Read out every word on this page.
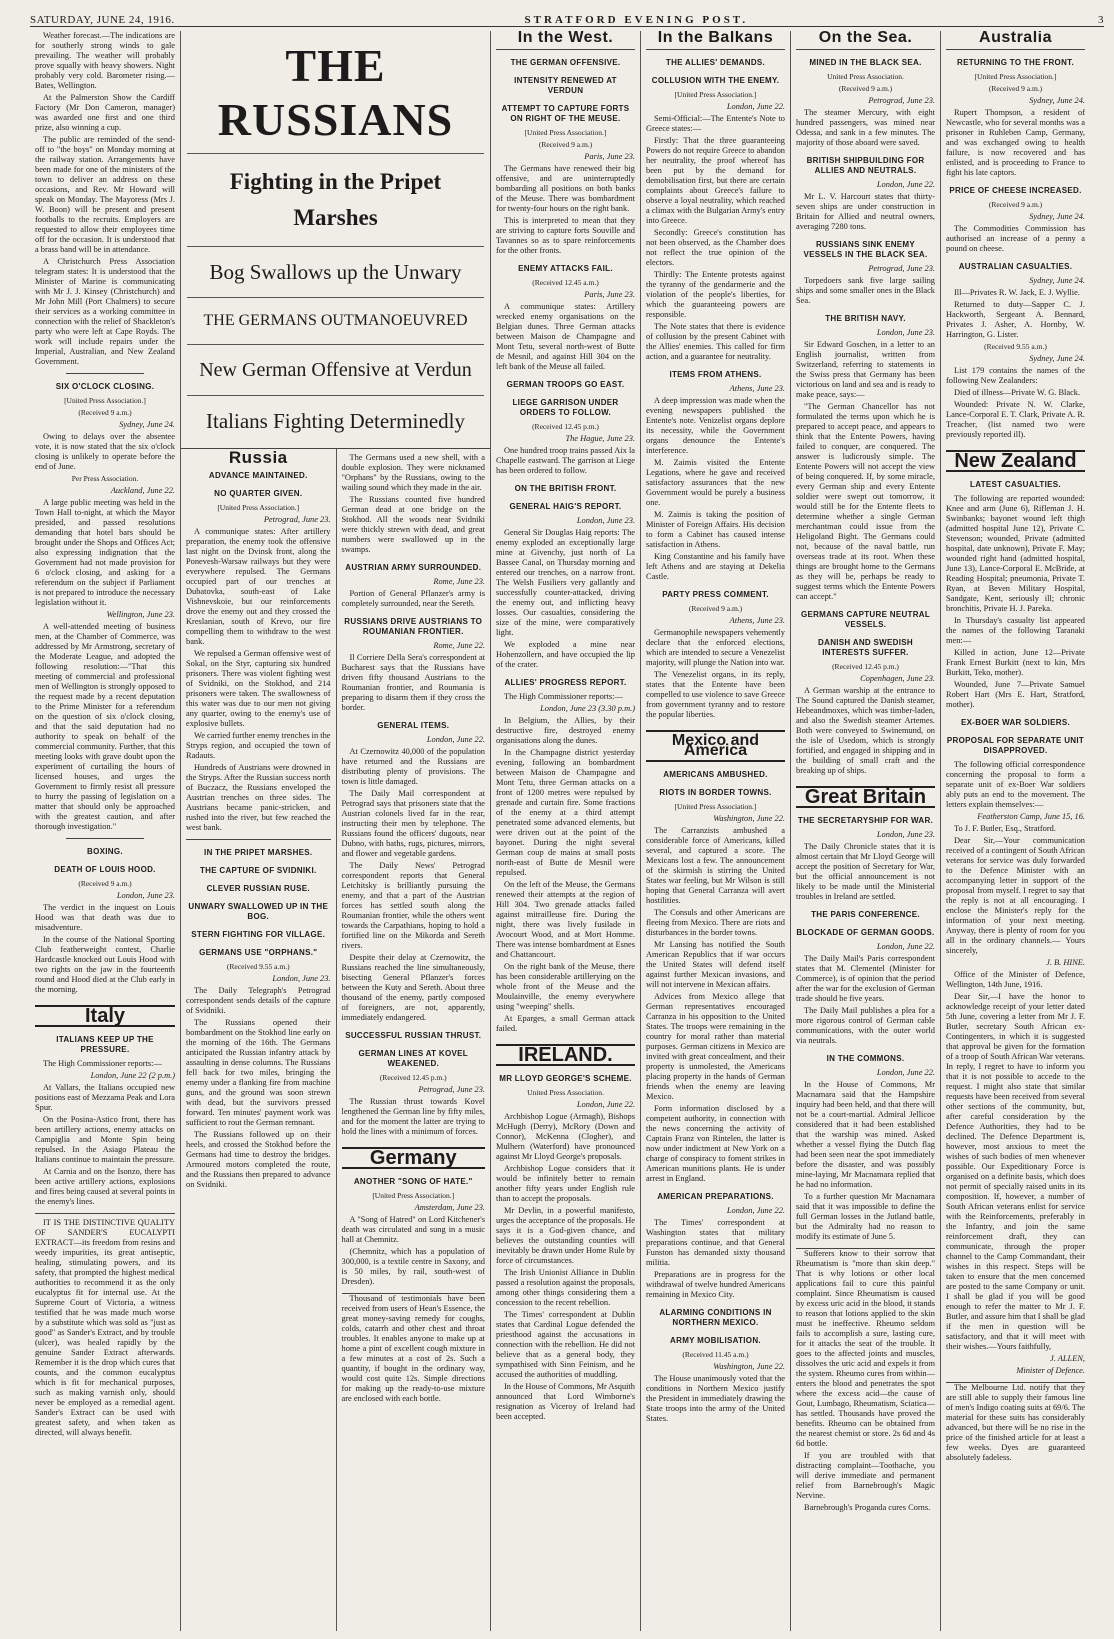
SATURDAY, JUNE 24, 1916.	STRATFORD EVENING POST.	3
Weather forecast.—The indications are for southerly strong winds to gale prevailing. The weather will probably prove squally with heavy showers. Night probably very cold. Barometer rising.—Bates, Wellington.
At the Palmerston Show the Cardiff Factory (Mr Don Cameron, manager) was awarded one first and one third prize, also winning a cup.
The public are reminded of the send-off to "the boys" on Monday morning at the railway station. Arrangements have been made for one of the ministers of the town to deliver an address on these occasions, and Rev. Mr Howard will speak on Monday. The Mayoress (Mrs J. W. Boon) will be present and present footballs to the recruits. Employers are requested to allow their employees time off for the occasion. It is understood that a brass band will be in attendance.
A Christchurch Press Association telegram states: It is understood that the Minister of Marine is communicating with Mr J. J. Kinsey (Christchurch) and Mr John Mill (Port Chalmers) to secure their services as a working committee in connection with the relief of Shackleton's party who were left at Cape Royds. The work will include repairs under the Imperial, Australian, and New Zealand Government.
SIX O'CLOCK CLOSING.
[United Press Association.]
(Received 9 a.m.)
Sydney, June 24.
Owing to delays over the absentee vote, it is now stated that the six o'clock closing is unlikely to operate before the end of June.
Per Press Association.
Auckland, June 22.
A large public meeting was held in the Town Hall to-night, at which the Mayor presided, and passed resolutions demanding that hotel bars should be brought under the Shops and Offices Act; also expressing indignation that the Government had not made provision for 6 o'clock closing, and asking for a referendum on the subject if Parliament is not prepared to introduce the necessary legislation without it.
Wellington, June 23.
A well-attended meeting of business men, at the Chamber of Commerce, was addressed by Mr Armstrong, secretary of the Moderate League, and adopted the following resolution:—"That this meeting of commercial and professional men of Wellington is strongly opposed to the request made by a recent deputation to the Prime Minister for a referendum on the question of six o'clock closing, and that the said deputation had no authority to speak on behalf of the commercial community. Further, that this meeting looks with grave doubt upon the experiment of curtailing the hours of licensed houses, and urges the Government to firmly resist all pressure to hurry the passing of legislation on a matter that should only be approached with the greatest caution, and after thorough investigation."
BOXING.
DEATH OF LOUIS HOOD.
(Received 9 a.m.)
London, June 23.
The verdict in the inquest on Louis Hood was that death was due to misadventure.
In the course of the National Sporting Club featherweight contest, Charlie Hardcastle knocked out Louis Hood with two rights on the jaw in the fourteenth round and Hood died at the Club early in the morning.
Italy
ITALIANS KEEP UP THE PRESSURE.
The High Commissioner reports:—
London, June 22 (2 p.m.)
At Vallars, the Italians occupied new positions east of Mezzama Peak and Lora Spur.
On the Posina-Astico front, there has been artillery actions, enemy attacks on Campiglia and Monte Spin being repulsed. In the Asiago Plateau the Italians continue to maintain the pressure.
At Carnia and on the Isonzo, there has been active artillery actions, explosions and fires being caused at several points in the enemy's lines.
IT IS THE DISTINCTIVE QUALITY OF SANDER'S EUCALYPTI EXTRACT—its freedom from resins and weedy impurities, its great antiseptic, healing, stimulating powers, and its safety, that prompted the highest medical authorities to recommend it as the only eucalyptus fit for internal use. At the Supreme Court of Victoria, a witness testified that he was made much worse by a substitute which was sold as "just as good" as Sander's Extract, and by trouble (ulcer), was healed rapidly by the genuine Sander Extract afterwards. Remember it is the drop which cures that counts, and the common eucalyptus which is fit for mechanical purposes, such as making varnish only, should never be employed as a remedial agent. Sander's Extract can be used with greatest safety, and when taken as directed, will always benefit.
THE RUSSIANS
Fighting in the Pripet Marshes
Bog Swallows up the Unwary
THE GERMANS OUTMANOEUVRED
New German Offensive at Verdun
Italians Fighting Determinedly
Russia
ADVANCE MAINTAINED.
NO QUARTER GIVEN.
[United Press Association.]
Petrograd, June 23.
A communique states: After artillery preparation, the enemy took the offensive last night on the Dvinsk front, along the Ponevesh-Warsaw railways but they were everywhere repulsed. The Germans occupied part of our trenches at Dubatovka, south-east of Lake Vishnevskoie, but our reinforcements drove the enemy out and they crossed the Kreslanian, south of Krevo, our fire compelling them to withdraw to the west bank.
We repulsed a German offensive west of Sokal, on the Styr, capturing six hundred prisoners. There was violent fighting west of Svidniki, on the Stokhod, and 214 prisoners were taken. The swallowness of this water was due to our men not giving any quarter, owing to the enemy's use of explosive bullets.
We carried further enemy trenches in the Stryps region, and occupied the town of Radauts.
Hundreds of Austrians were drowned in the Stryps. After the Russian success north of Buczacz, the Russians enveloped the Austrian trenches on three sides. The Austrians became panic-stricken, and rushed into the river, but few reached the west bank.
IN THE PRIPET MARSHES.
THE CAPTURE OF SVIDNIKI.
CLEVER RUSSIAN RUSE.
UNWARY SWALLOWED UP IN THE BOG.
STERN FIGHTING FOR VILLAGE.
GERMANS USE "ORPHANS."
(Received 9.55 a.m.)
London, June 23.
The Daily Telegraph's Petrograd correspondent sends details of the capture of Svidniki.
The Russians opened their bombardment on the Stokhod line early on the morning of the 16th. The Germans anticipated the Russian infantry attack by assaulting in dense columns. The Russians fell back for two miles, bringing the enemy under a flanking fire from machine guns, and the ground was soon strewn with dead, but the survivors pressed forward. Ten minutes' payment work was sufficient to rout the German remnant.
The Russians followed up on their heels, and crossed the Stokhod before the Germans had time to destroy the bridges. Armoured motors completed the route, and the Russians then prepared to advance on Svidniki.
The Germans used a new shell, with a double explosion. They were nicknamed "Orphans" by the Russians, owing to the wailing sound which they made in the air.
The Russians counted five hundred German dead at one bridge on the Stokhod. All the woods near Svidniki were thickly strewn with dead, and great numbers were swallowed up in the swamps.
AUSTRIAN ARMY SURROUNDED.
Rome, June 23.
Portion of General Pflanzer's army is completely surrounded, near the Sereth.
RUSSIANS DRIVE AUSTRIANS TO ROUMANIAN FRONTIER.
Rome, June 22.
Il Corriere Della Sera's correspondent at Bucharest says that the Russians have driven fifty thousand Austrians to the Roumanian frontier, and Roumania is preparing to disarm them if they cross the border.
GENERAL ITEMS.
London, June 22.
At Czernowitz 40,000 of the population have returned and the Russians are distributing plenty of provisions. The town is little damaged.
The Daily Mail correspondent at Petrograd says that prisoners state that the Austrian colonels lived far in the rear, instructing their men by telephone. The Russians found the officers' dugouts, near Dubno, with baths, rugs, pictures, mirrors, and flower and vegetable gardens.
The Daily News' Petrograd correspondent reports that General Letchitsky is brilliantly pursuing the enemy, and that a part of the Austrian forces has settled south along the Roumanian frontier, while the others went towards the Carpathians, hoping to hold a fortified line on the Mikorda and Sereth rivers.
Despite their delay at Czernowitz, the Russians reached the line simultaneously, bisecting General Pflanzer's forces between the Kuty and Sereth. About three thousand of the enemy, partly composed of foreigners, are not, apparently, immediately endangered.
SUCCESSFUL RUSSIAN THRUST.
GERMAN LINES AT KOVEL WEAKENED.
(Received 12.45 p.m.)
Petrograd, June 23.
The Russian thrust towards Kovel lengthened the German line by fifty miles, and for the moment the latter are trying to hold the lines with a minimum of forces.
Germany
ANOTHER "SONG OF HATE."
[United Press Association.]
Amsterdam, June 23.
A "Song of Hatred" on Lord Kitchener's death was circulated and sung in a music hall at Chemnitz.
(Chemnitz, which has a population of 300,000, is a textile centre in Saxony, and is 50 miles, by rail, south-west of Dresden).
Thousand of testimonials have been received from users of Hean's Essence, the great money-saving remedy for coughs, colds, catarrh and other chest and throat troubles. It enables anyone to make up at home a pint of excellent cough mixture in a few minutes at a cost of 2s. Such a quantity, if bought in the ordinary way, would cost quite 12s. Simple directions for making up the ready-to-use mixture are enclosed with each bottle.
In the West.
THE GERMAN OFFENSIVE.
INTENSITY RENEWED AT VERDUN
ATTEMPT TO CAPTURE FORTS ON RIGHT OF THE MEUSE.
[United Press Association.]
(Received 9 a.m.)
Paris, June 23.
The Germans have renewed their big offensive, and are uninterruptedly bombarding all positions on both banks of the Meuse. There was bombardment for twenty-four hours on the right bank.
This is interpreted to mean that they are striving to capture forts Souville and Tavannes so as to spare reinforcements for the other fronts.
ENEMY ATTACKS FAIL.
(Received 12.45 a.m.)
Paris, June 23.
A communique states: Artillery wrecked enemy organisations on the Belgian dunes. Three German attacks between Maison de Champagne and Mont Tetu, several north-west of Butte de Mesnil, and against Hill 304 on the left bank of the Meuse all failed.
GERMAN TROOPS GO EAST.
LIEGE GARRISON UNDER ORDERS TO FOLLOW.
(Received 12.45 p.m.)
The Hague, June 23.
One hundred troop trains passed Aix la Chapelle eastward. The garrison at Liege has been ordered to follow.
ON THE BRITISH FRONT.
GENERAL HAIG'S REPORT.
London, June 23.
General Sir Douglas Haig reports: The enemy exploded an exceptionally large mine at Givenchy, just north of La Bassee Canal, on Thursday morning and entered our trenches, on a narrow front. The Welsh Fusiliers very gallantly and successfully counter-attacked, driving the enemy out, and inflicting heavy losses. Our casualties, considering the size of the mine, were comparatively light.
We exploded a mine near Hohenzollern, and have occupied the lip of the crater.
ALLIES' PROGRESS REPORT.
The High Commissioner reports:—
London, June 23 (3.30 p.m.)
In Belgium, the Allies, by their destructive fire, destroyed enemy organisations along the dunes.
In the Champagne district yesterday evening, following an bombardment between Maison de Champagne and Mont Tetu, three German attacks on a front of 1200 metres were repulsed by grenade and curtain fire. Some fractions of the enemy at a third attempt penetrated some advanced elements, but were driven out at the point of the bayonet. During the night several German coup de mains at small posts north-east of Butte de Mesnil were repulsed.
On the left of the Meuse, the Germans renewed their attempts at the region of Hill 304. Two grenade attacks failed against mitrailleuse fire. During the night, there was lively fusilade in Avocourt Wood, and at Mort Homme. There was intense bombardment at Esnes and Chattancourt.
On the right bank of the Meuse, there has been considerable artillerying on the whole front of the Meuse and the Moulainville, the enemy everywhere using "weeping" shells.
At Eparges, a small German attack failed.
IRELAND.
MR LLOYD GEORGE'S SCHEME.
United Press Association.
London, June 22.
Archbishop Logue (Armagh), Bishops McHugh (Derry), McRory (Down and Connor), McKenna (Clogher), and Mulhern (Waterford) have pronounced against Mr Lloyd George's proposals.
Archbishop Logue considers that it would be infinitely better to remain another fifty years under English rule than to accept the proposals.
Mr Devlin, in a powerful manifesto, urges the acceptance of the proposals. He says it is a God-given chance, and believes the outstanding counties will inevitably be drawn under Home Rule by force of circumstances.
The Irish Unionist Alliance in Dublin passed a resolution against the proposals, among other things considering them a concession to the recent rebellion.
The Times' correspondent at Dublin states that Cardinal Logue defended the priesthood against the accusations in connection with the rebellion. He did not believe that as a general body, they sympathised with Sinn Feinism, and he accused the authorities of muddling.
In the House of Commons, Mr Asquith announced that Lord Wimborne's resignation as Viceroy of Ireland had been accepted.
In the Balkans
THE ALLIES' DEMANDS.
COLLUSION WITH THE ENEMY.
[United Press Association.]
London, June 22.
Semi-Official:—The Entente's Note to Greece states:—
Firstly: That the three guaranteeing Powers do not require Greece to abandon her neutrality, the proof whereof has been put by the demand for demobilisation first, but there are certain complaints about Greece's failure to observe a loyal neutrality, which reached a climax with the Bulgarian Army's entry into Greece.
Secondly: Greece's constitution has not been observed, as the Chamber does not reflect the true opinion of the electors.
Thirdly: The Entente protests against the tyranny of the gendarmerie and the violation of the people's liberties, for which the guaranteeing powers are responsible.
The Note states that there is evidence of collusion by the present Cabinet with the Allies' enemies. This called for firm action, and a guarantee for neutrality.
ITEMS FROM ATHENS.
Athens, June 23.
A deep impression was made when the evening newspapers published the Entente's note. Venizelist organs deplore its necessity, while the Government organs denounce the Entente's interference.
M. Zaimis visited the Entente Legations, where he gave and received satisfactory assurances that the new Government would be purely a business one.
M. Zaimis is taking the position of Minister of Foreign Affairs. His decision to form a Cabinet has caused intense satisfaction in Athens.
King Constantine and his family have left Athens and are staying at Dekelia Castle.
PARTY PRESS COMMENT.
(Received 9 a.m.)
Athens, June 23.
Germanophile newspapers vehemently declare that the enforced elections, which are intended to secure a Venezelist majority, will plunge the Nation into war.
The Venezelist organs, in its reply, states that the Entente have been compelled to use violence to save Greece from government tyranny and to restore the popular liberties.
Mexico and America
AMERICANS AMBUSHED.
RIOTS IN BORDER TOWNS.
[United Press Association.]
Washington, June 22.
The Carranzists ambushed a considerable force of Americans, killed several, and captured a score. The Mexicans lost a few. The announcement of the skirmish is stirring the United States war feeling, but Mr Wilson is still hoping that General Carranza will avert hostilities.
The Consuls and other Americans are fleeing from Mexico. There are riots and disturbances in the border towns.
Mr Lansing has notified the South American Republics that if war occurs the United States will defend itself against further Mexican invasions, and will not intervene in Mexican affairs.
Advices from Mexico allege that German representatives encouraged Carranza in his opposition to the United States. The troops were remaining in the country for moral rather than material purposes. German citizens in Mexico are invited with great concealment, and their property is unmolested, the Americans placing property in the hands of German friends when the enemy are leaving Mexico.
Form information disclosed by a competent authority, in connection with the news concerning the activity of Captain Franz von Rintelen, the latter is now under indictment at New York on a charge of conspiracy to foment strikes in American munitions plants. He is under arrest in England.
AMERICAN PREPARATIONS.
London, June 22.
The Times' correspondent at Washington states that military preparations continue, and that General Funston has demanded sixty thousand militia.
Preparations are in progress for the withdrawal of twelve hundred Americans remaining in Mexico City.
ALARMING CONDITIONS IN NORTHERN MEXICO.
ARMY MOBILISATION.
(Received 11.45 a.m.)
Washington, June 22.
The House unanimously voted that the conditions in Northern Mexico justify the President in immediately drawing the State troops into the army of the United States.
On the Sea.
MINED IN THE BLACK SEA.
United Press Association.
(Received 9 a.m.)
Petrograd, June 23.
The steamer Mercury, with eight hundred passengers, was mined near Odessa, and sank in a few minutes. The majority of those aboard were saved.
BRITISH SHIPBUILDING FOR ALLIES AND NEUTRALS.
London, June 22.
Mr L. V. Harcourt states that thirty-seven ships are under construction in Britain for Allied and neutral owners, averaging 7280 tons.
RUSSIANS SINK ENEMY VESSELS IN THE BLACK SEA.
Petrograd, June 23.
Torpedoers sank five large sailing ships and some smaller ones in the Black Sea.
THE BRITISH NAVY.
London, June 23.
Sir Edward Goschen, in a letter to an English journalist, written from Switzerland, referring to statements in the Swiss press that Germany has been victorious on land and sea and is ready to make peace, says:—
"The German Chancellor has not formulated the terms upon which he is prepared to accept peace, and appears to think that the Entente Powers, having failed to conquer, are conquered. The answer is ludicrously simple. The Entente Powers will not accept the view of being conquered. If, by some miracle, every German ship and every Entente soldier were swept out tomorrow, it would still be for the Entente fleets to determine whether a single German merchantman could issue from the Heligoland Bight. The Germans could not, because of the naval battle, run overseas trade at its root. When these things are brought home to the Germans as they will be, perhaps be ready to suggest terms which the Entente Powers can accept."
GERMANS CAPTURE NEUTRAL VESSELS.
DANISH AND SWEDISH INTERESTS SUFFER.
(Received 12.45 p.m.)
Copenhagen, June 23.
A German warship at the entrance to The Sound captured the Danish steamer, Hebeandmoxes, which was timber-laden, and also the Swedish steamer Artemes. Both were conveyed to Swinemund, on the isle of Usedom, which is strongly fortified, and engaged in shipping and in the building of small craft and the breaking up of ships.
Great Britain
THE SECRETARYSHIP FOR WAR.
London, June 23.
The Daily Chronicle states that it is almost certain that Mr Lloyd George will accept the position of Secretary for War, but the official announcement is not likely to be made until the Ministerial troubles in Ireland are settled.
THE PARIS CONFERENCE.
BLOCKADE OF GERMAN GOODS.
London, June 22.
The Daily Mail's Paris correspondent states that M. Clementel (Minister for Commerce), is of opinion that the period after the war for the exclusion of German trade should be five years.
The Daily Mail publishes a plea for a more rigorous control of German cable communications, with the outer world via neutrals.
IN THE COMMONS.
London, June 22.
In the House of Commons, Mr Macnamara said that the Hampshire inquiry had been held, and that there will not be a court-martial. Admiral Jellicoe considered that it had been established that the warship was mined. Asked whether a vessel flying the Dutch flag had been seen near the spot immediately before the disaster, and was possibly mine-laying, Mr Macnamara replied that he had no information.
To a further question Mr Macnamara said that it was impossible to define the full German losses in the Jutland battle, but the Admiralty had no reason to modify its estimate of June 5.
Sufferers know to their sorrow that Rheumatism is "more than skin deep." That is why lotions or other local applications fail to cure this painful complaint. Since Rheumatism is caused by excess uric acid in the blood, it stands to reason that lotions applied to the skin must be ineffective. Rheumo seldom fails to accomplish a sure, lasting cure, for it attacks the seat of the trouble. It goes to the affected joints and muscles, dissolves the uric acid and expels it from the system. Rheumo cures from within—enters the blood and penetrates the spot where the excess acid—the cause of Gout, Lumbago, Rheumatism, Sciatica—has settled. Thousands have proved the benefits. Rheumo can be obtained from the nearest chemist or store. 2s 6d and 4s 6d bottle.
If you are troubled with that distracting complaint—Toothache, you will derive immediate and permanent relief from Barnebrough's Magic Nervine.
Barnebrough's Proganda cures Corns.
Australia
RETURNING TO THE FRONT.
[United Press Association.]
(Received 9 a.m.)
Sydney, June 24.
Rupert Thompson, a resident of Newcastle, who for several months was a prisoner in Ruhleben Camp, Germany, and was exchanged owing to health failure, is now recovered and has enlisted, and is proceeding to France to fight his late captors.
PRICE OF CHEESE INCREASED.
(Received 9 a.m.)
Sydney, June 24.
The Commodities Commission has authorised an increase of a penny a pound on cheese.
AUSTRALIAN CASUALTIES.
Sydney, June 24.
Ill—Privates R. W. Jack, E. J. Wyllie.
Returned to duty—Sapper C. J. Hackworth, Sergeant A. Bennard, Privates J. Asher, A. Hornby, W. Harrington, G. Lister.
(Received 9.55 a.m.)
Sydney, June 24.
List 179 contains the names of the following New Zealanders:
Died of illness—Private W. G. Black.
Wounded: Private N. W. Clarke, Lance-Corporal E. T. Clark, Private A. R. Treacher, (list named two were previously reported ill).
New Zealand
LATEST CASUALTIES.
The following are reported wounded: Knee and arm (June 6), Rifleman J. H. Swinbanks; bayonet wound left thigh (admitted hospital June 12), Private C. Stevenson; wounded, Private (admitted hospital, date unknown), Private F. May; wounded right hand (admitted hospital, June 13), Lance-Corporal E. McBride, at Reading Hospital; pneumonia, Private T. Ryan, at Beven Military Hospital, Sandgate, Kent, seriously ill; chronic bronchitis, Private H. J. Pareka.
In Thursday's casualty list appeared the names of the following Taranaki men:—
Killed in action, June 12—Private Frank Ernest Burkitt (next to kin, Mrs Burkitt, Teko, mother).
Wounded, June 7—Private Samuel Robert Hart (Mrs E. Hart, Stratford, mother).
EX-BOER WAR SOLDIERS.
PROPOSAL FOR SEPARATE UNIT DISAPPROVED.
The following official correspondence concerning the proposal to form a separate unit of ex-Boer War soldiers ably puts an end to the movement. The letters explain themselves:—
Featherston Camp, June 15, 16.
To J. F. Butler, Esq., Stratford.
Dear Sir,—Your communication received of a contingent of South African veterans for service was duly forwarded to the Defence Minister with an accompanying letter in support of the proposal from myself. I regret to say that the reply is not at all encouraging. I enclose the Minister's reply for the information of your next meeting. Anyway, there is plenty of room for you all in the ordinary channels.— Yours sincerely,
J. B. HINE.
Office of the Minister of Defence, Wellington, 14th June, 1916.
Dear Sir,—I have the honor to acknowledge receipt of your letter dated 5th June, covering a letter from Mr J. F. Butler, secretary South African ex-Contingenters, in which it is suggested that approval be given for the formation of a troop of South African War veterans. In reply, I regret to have to inform you that it is not possible to accede to the request. I might also state that similar requests have been received from several other sections of the community, but, after careful consideration by the Defence Authorities, they had to be declined. The Defence Department is, however, most anxious to meet the wishes of such bodies of men whenever possible. Our Expeditionary Force is organised on a definite basis, which does not permit of specially raised units in its composition. If, however, a number of South African veterans enlist for service with the Reinforcements, preferably in the Infantry, and join the same reinforcement draft, they can communicate, through the proper channel to the Camp Commandant, their wishes in this respect. Steps will be taken to ensure that the men concerned are posted to the same Company or unit. I shall be glad if you will be good enough to refer the matter to Mr J. F. Butler, and assure him that I shall be glad if the men in question will be satisfactory, and that it will meet with their wishes.—Yours faithfully,
J. ALLEN,
Minister of Defence.
The Melbourne Ltd. notify that they are still able to supply their famous line of men's Indigo coating suits at 69/6. The material for these suits has considerably advanced, but there will be no rise in the price of the finished article for at least a few weeks. Dyes are guaranteed absolutely fadeless.
